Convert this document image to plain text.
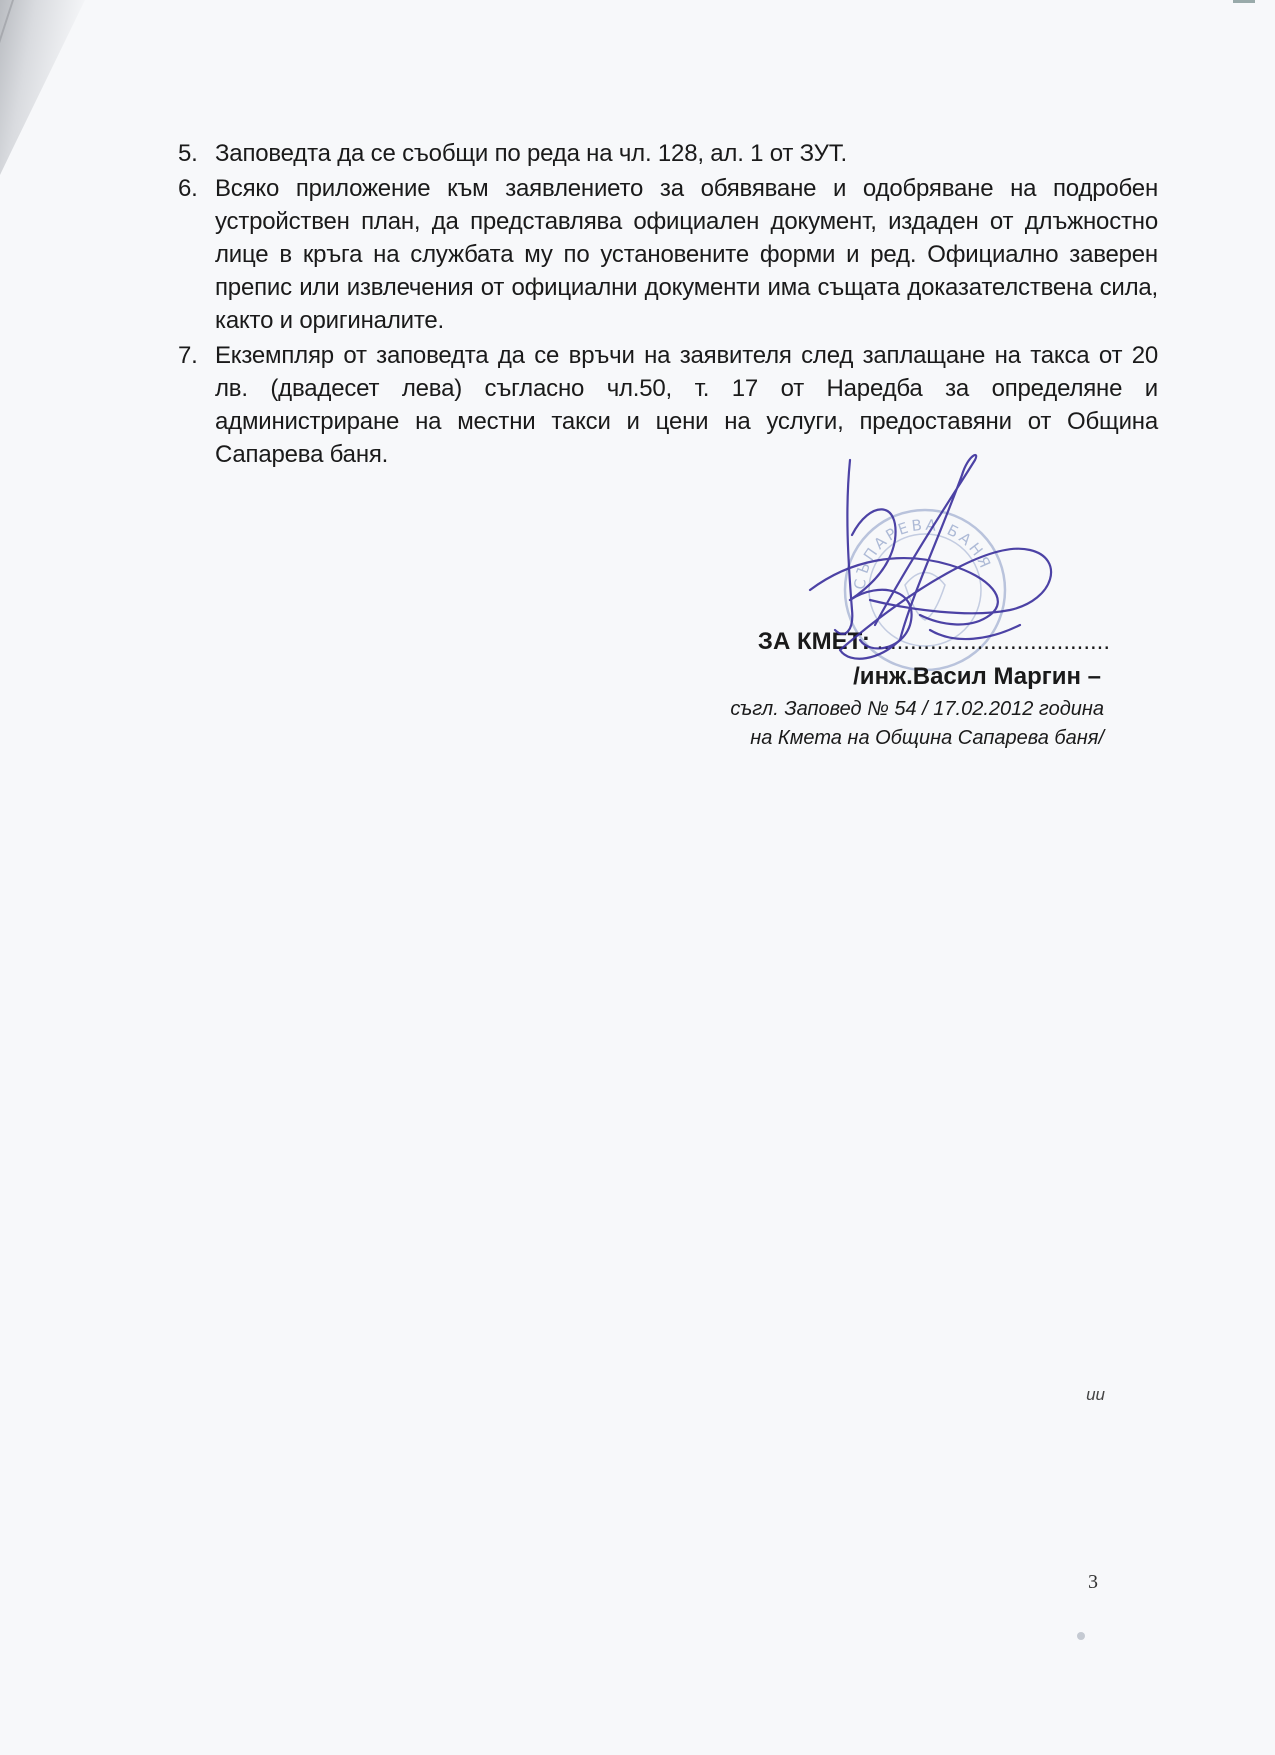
5. Заповедта да се съобщи по реда на чл. 128, ал. 1 от ЗУТ.
6. Всяко приложение към заявлението за обявяване и одобряване на подробен устройствен план, да представлява официален документ, издаден от длъжностно лице в кръга на службата му по установените форми и ред. Официално заверен препис или извлечения от официални документи има същата доказателствена сила, както и оригиналите.
7. Екземпляр от заповедта да се връчи на заявителя след заплащане на такса от 20 лв. (двадесет лева) съгласно чл.50, т. 17 от Наредба за определяне и администриране на местни такси и цени на услуги, предоставяни от Община Сапарева баня.
СЪПАРЕВА БАНЯ
ЗА КМЕТ: ...................................
/инж.Васил Маргин –
съгл. Заповед № 54 / 17.02.2012 година
на Кмета на Община Сапарева баня/
ии
3
